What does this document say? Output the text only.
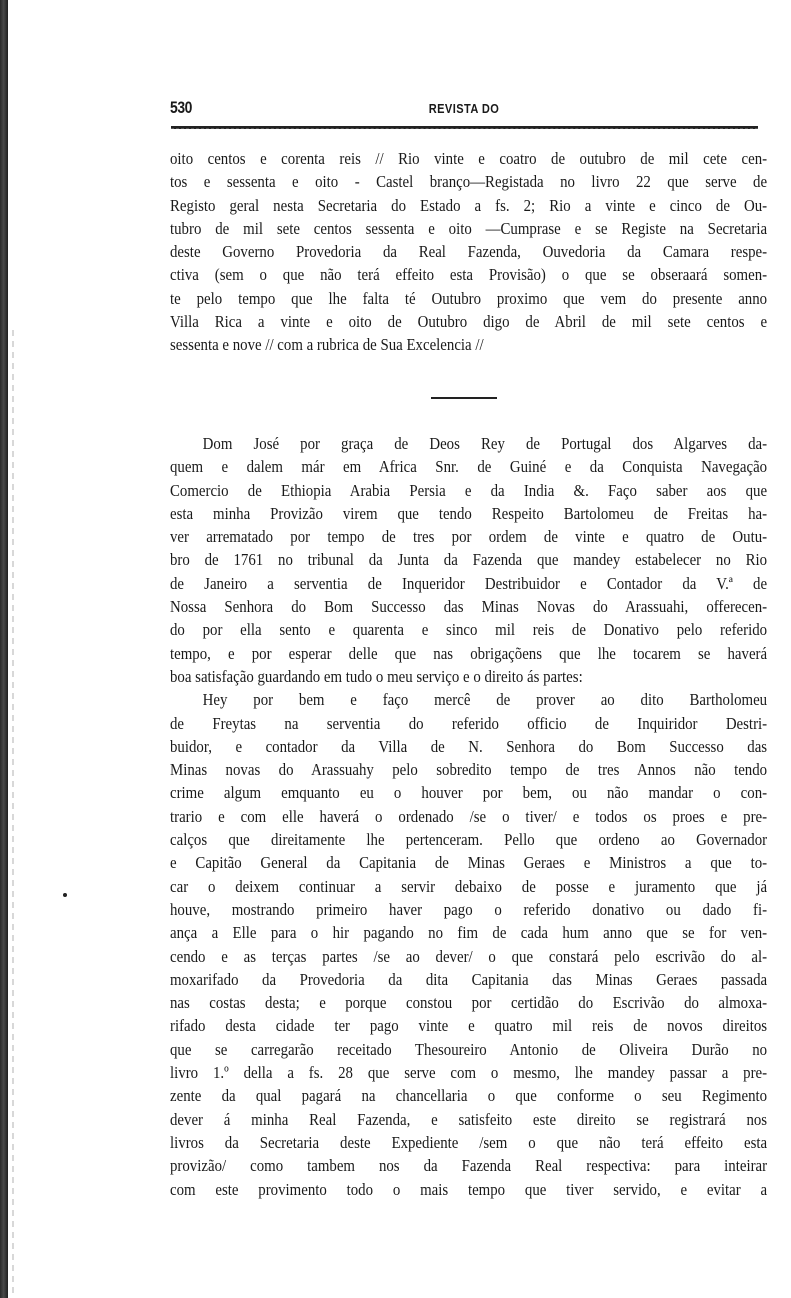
530	REVISTA DO
oito centos e corenta reis // Rio vinte e coatro de outubro de mil cete cen-
tos e sessenta e oito - Castel branço—Registada no livro 22 que serve de
Registo geral nesta Secretaria do Estado a fs. 2; Rio a vinte e cinco de Ou-
tubro de mil sete centos sessenta e oito —Cumprase e se Registe na Secretaria
deste Governo Provedoria da Real Fazenda, Ouvedoria da Camara respe-
ctiva (sem o que não terá effeito esta Provisão) o que se obseraará somen-
te pelo tempo que lhe falta té Outubro proximo que vem do presente anno
Villa Rica a vinte e oito de Outubro digo de Abril de mil sete centos e
sessenta e nove // com a rubrica de Sua Excelencia //
Dom José por graça de Deos Rey de Portugal dos Algarves da-
quem e dalem már em Africa Snr. de Guiné e da Conquista Navegação
Comercio de Ethiopia Arabia Persia e da India &. Faço saber aos que
esta minha Provizão virem que tendo Respeito Bartolomeu de Freitas ha-
ver arrematado por tempo de tres por ordem de vinte e quatro de Outu-
bro de 1761 no tribunal da Junta da Fazenda que mandey estabelecer no Rio
de Janeiro a serventia de Inqueridor Destribuidor e Contador da V.ª de
Nossa Senhora do Bom Successo das Minas Novas do Arassuahi, offerecen-
do por ella sento e quarenta e sinco mil reis de Donativo pelo referido
tempo, e por esperar delle que nas obrigaçõens que lhe tocarem se haverá
boa satisfação guardando em tudo o meu serviço e o direito ás partes:
Hey por bem e faço mercê de prover ao dito Bartholomeu
de Freytas na serventia do referido officio de Inquiridor Destri-
buidor, e contador da Villa de N. Senhora do Bom Successo das
Minas novas do Arassuahy pelo sobredito tempo de tres Annos não tendo
crime algum emquanto eu o houver por bem, ou não mandar o con-
trario e com elle haverá o ordenado /se o tiver/ e todos os proes e pre-
calços que direitamente lhe pertenceram. Pello que ordeno ao Governador
e Capitão General da Capitania de Minas Geraes e Ministros a que to-
car o deixem continuar a servir debaixo de posse e juramento que já
houve, mostrando primeiro haver pago o referido donativo ou dado fi-
ança a Elle para o hir pagando no fim de cada hum anno que se for ven-
cendo e as terças partes /se ao dever/ o que constará pelo escrivão do al-
moxarifado da Provedoria da dita Capitania das Minas Geraes passada
nas costas desta; e porque constou por certidão do Escrivão do almoxa-
rifado desta cidade ter pago vinte e quatro mil reis de novos direitos
que se carregarão receitado Thesoureiro Antonio de Oliveira Durão no
livro 1.º della a fs. 28 que serve com o mesmo, lhe mandey passar a pre-
zente da qual pagará na chancellaria o que conforme o seu Regimento
dever á minha Real Fazenda, e satisfeito este direito se registrará nos
livros da Secretaria deste Expediente /sem o que não terá effeito esta
provizão/ como tambem nos da Fazenda Real respectiva: para inteirar
com este provimento todo o mais tempo que tiver servido, e evitar a
